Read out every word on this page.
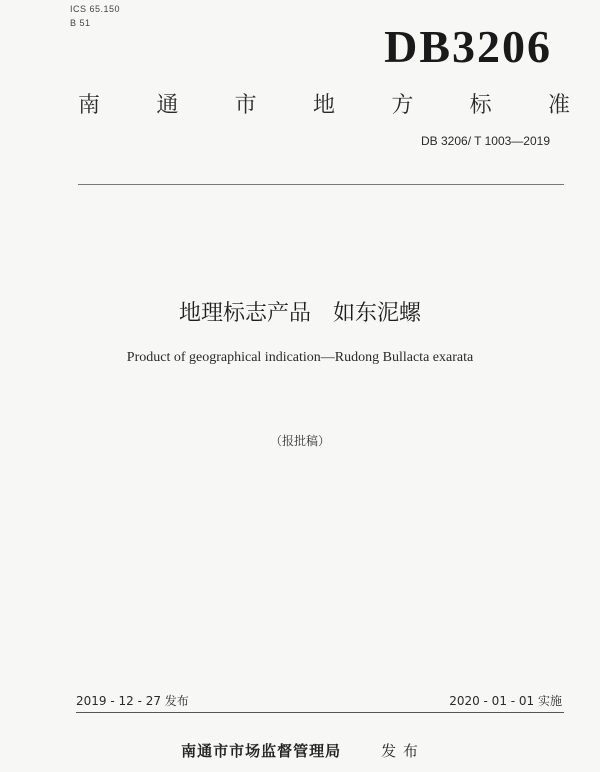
ICS 65.150
B 51	DB3206
南	通	市	地	方	标	准
DB 3206/ T 1003—2019
地理标志产品　如东泥螺
Product of geographical indication—Rudong Bullacta exarata
（报批稿）
2019 - 12 - 27 发布	2020 - 01 - 01 实施
南通市市场监督管理局	发 布
